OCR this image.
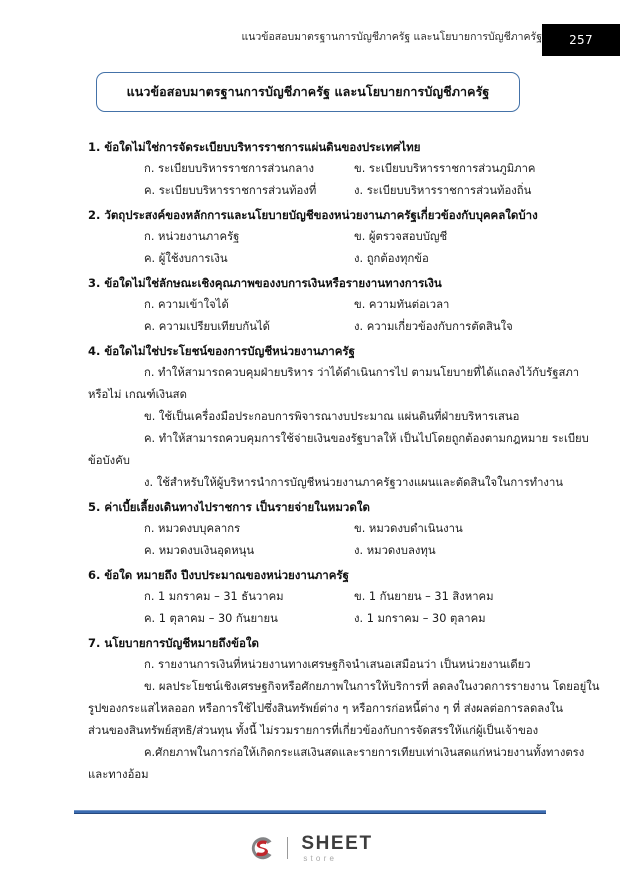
แนวข้อสอบมาตรฐานการบัญชีภาครัฐ และนโยบายการบัญชีภาครัฐ 257
แนวข้อสอบมาตรฐานการบัญชีภาครัฐ และนโยบายการบัญชีภาครัฐ
1. ข้อใดไม่ใช่การจัดระเบียบบริหารราชการแผ่นดินของประเทศไทย
ก. ระเบียบบริหารราชการส่วนกลาง	ข. ระเบียบบริหารราชการส่วนภูมิภาค
ค. ระเบียบบริหารราชการส่วนท้องที่	ง. ระเบียบบริหารราชการส่วนท้องถิ่น
2. วัตถุประสงค์ของหลักการและนโยบายบัญชีของหน่วยงานภาครัฐเกี่ยวข้องกับบุคคลใดบ้าง
ก. หน่วยงานภาครัฐ	ข. ผู้ตรวจสอบบัญชี
ค. ผู้ใช้งบการเงิน	ง. ถูกต้องทุกข้อ
3. ข้อใดไม่ใช่ลักษณะเชิงคุณภาพของงบการเงินหรือรายงานทางการเงิน
ก. ความเข้าใจได้	ข. ความทันต่อเวลา
ค. ความเปรียบเทียบกันได้	ง. ความเกี่ยวข้องกับการตัดสินใจ
4. ข้อใดไม่ใช่ประโยชน์ของการบัญชีหน่วยงานภาครัฐ
ก. ทำให้สามารถควบคุมฝ่ายบริหาร ว่าได้ดำเนินการไป ตามนโยบายที่ได้แถลงไว้กับรัฐสภา
หรือไม่ เกณฑ์เงินสด
ข. ใช้เป็นเครื่องมือประกอบการพิจารณางบประมาณ แผ่นดินที่ฝ่ายบริหารเสนอ
ค. ทำให้สามารถควบคุมการใช้จ่ายเงินของรัฐบาลให้ เป็นไปโดยถูกต้องตามกฎหมาย ระเบียบ
ข้อบังคับ
ง. ใช้สำหรับให้ผู้บริหารนำการบัญชีหน่วยงานภาครัฐวางแผนและตัดสินใจในการทำงาน
5. ค่าเบี้ยเลี้ยงเดินทางไปราชการ เป็นรายจ่ายในหมวดใด
ก. หมวดงบบุคลากร	ข. หมวดงบดำเนินงาน
ค. หมวดงบเงินอุดหนุน	ง. หมวดงบลงทุน
6. ข้อใด หมายถึง ปีงบประมาณของหน่วยงานภาครัฐ
ก. 1 มกราคม – 31 ธันวาคม	ข. 1 กันยายน – 31 สิงหาคม
ค. 1 ตุลาคม – 30 กันยายน	ง. 1 มกราคม – 30 ตุลาคม
7. นโยบายการบัญชีหมายถึงข้อใด
ก. รายงานการเงินที่หน่วยงานทางเศรษฐกิจนำเสนอเสมือนว่า เป็นหน่วยงานเดียว
ข. ผลประโยชน์เชิงเศรษฐกิจหรือศักยภาพในการให้บริการที่ ลดลงในงวดการรายงาน โดยอยู่ใน
รูปของกระแสไหลออก หรือการใช้ไปซึ่งสินทรัพย์ต่าง ๆ หรือการก่อหนี้ต่าง ๆ ที่ ส่งผลต่อการลดลงใน
ส่วนของสินทรัพย์สุทธิ/ส่วนทุน ทั้งนี้ ไม่รวมรายการที่เกี่ยวข้องกับการจัดสรรให้แก่ผู้เป็นเจ้าของ
ค.ศักยภาพในการก่อให้เกิดกระแสเงินสดและรายการเทียบเท่าเงินสดแก่หน่วยงานทั้งทางตรง
และทางอ้อม
SHEET
store
